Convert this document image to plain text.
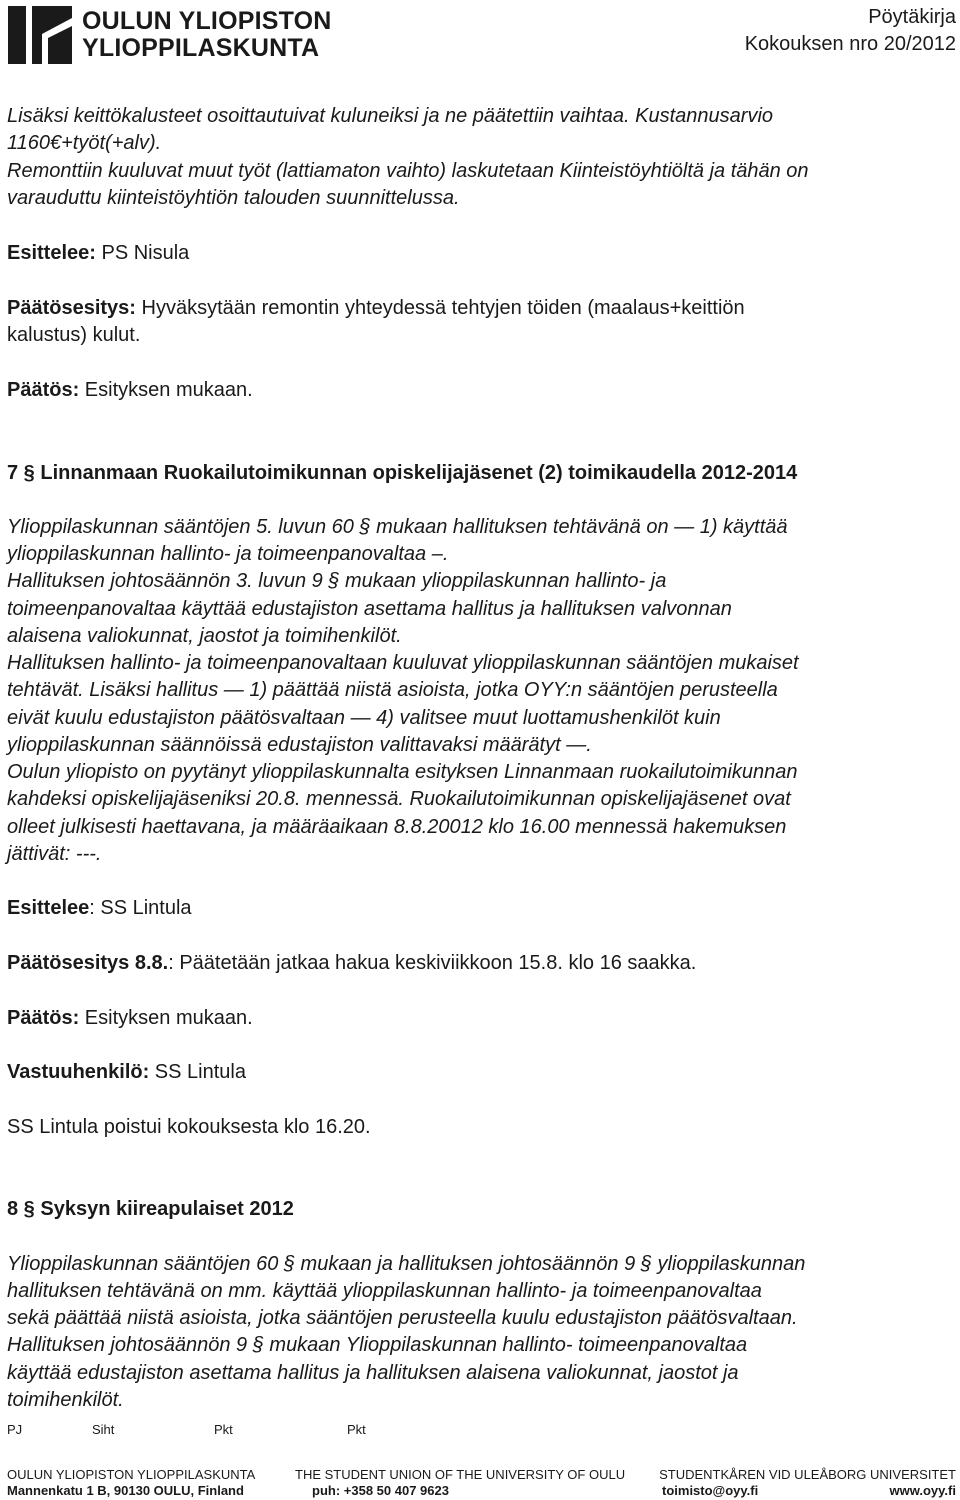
OULUN YLIOPISTON
YLIOPPILASKUNTA
Pöytäkirja
Kokouksen nro 20/2012

Lisäksi keittökalusteet osoittautuivat kuluneiksi ja ne päätettiin vaihtaa. Kustannusarvio

1160€+työt(+alv).

Remonttiin kuuluvat muut työt (lattiamaton vaihto) laskutetaan Kiinteistöyhtiöltä ja tähän on

varauduttu kiinteistöyhtiön talouden suunnittelussa.

Esittelee: PS Nisula

Päätösesitys: Hyväksytään remontin yhteydessä tehtyjen töiden (maalaus+keittiön

kalustus) kulut.

Päätös: Esityksen mukaan.

7 § Linnanmaan Ruokailutoimikunnan opiskelijajäsenet (2) toimikaudella 2012-2014

Ylioppilaskunnan sääntöjen 5. luvun 60 § mukaan hallituksen tehtävänä on — 1) käyttää

ylioppilaskunnan hallinto- ja toimeenpanovaltaa –.

Hallituksen johtosäännön 3. luvun 9 § mukaan ylioppilaskunnan hallinto- ja

toimeenpanovaltaa käyttää edustajiston asettama hallitus ja hallituksen valvonnan

alaisena valiokunnat, jaostot ja toimihenkilöt.

Hallituksen hallinto- ja toimeenpanovaltaan kuuluvat ylioppilaskunnan sääntöjen mukaiset

tehtävät. Lisäksi hallitus — 1) päättää niistä asioista, jotka OYY:n sääntöjen perusteella

eivät kuulu edustajiston päätösvaltaan — 4) valitsee muut luottamushenkilöt kuin

ylioppilaskunnan säännöissä edustajiston valittavaksi määrätyt —.

Oulun yliopisto on pyytänyt ylioppilaskunnalta esityksen Linnanmaan ruokailutoimikunnan

kahdeksi opiskelijajäseniksi 20.8. mennessä. Ruokailutoimikunnan opiskelijajäsenet ovat

olleet julkisesti haettavana, ja määräaikaan 8.8.20012 klo 16.00 mennessä hakemuksen

jättivät: ---.

Esittelee: SS Lintula

Päätösesitys 8.8.: Päätetään jatkaa hakua keskiviikkoon 15.8. klo 16 saakka.

Päätös: Esityksen mukaan.

Vastuuhenkilö: SS Lintula

SS Lintula poistui kokouksesta klo 16.20.

8 § Syksyn kiireapulaiset 2012

Ylioppilaskunnan sääntöjen 60 § mukaan ja hallituksen johtosäännön 9 § ylioppilaskunnan

hallituksen tehtävänä on mm. käyttää ylioppilaskunnan hallinto- ja toimeenpanovaltaa

sekä päättää niistä asioista, jotka sääntöjen perusteella kuulu edustajiston päätösvaltaan.

Hallituksen johtosäännön 9 § mukaan Ylioppilaskunnan hallinto- toimeenpanovaltaa

käyttää edustajiston asettama hallitus ja hallituksen alaisena valiokunnat, jaostot ja

toimihenkilöt.

PJ	Siht	Pkt	Pkt
OULUN YLIOPISTON YLIOPPILASKUNTA	THE STUDENT UNION OF THE UNIVERSITY OF OULU	STUDENTKÅREN VID ULEÅBORG UNIVERSITET
Mannenkatu 1 B, 90130 OULU, Finland	puh: +358 50 407 9623	toimisto@oyy.fi	www.oyy.fi
